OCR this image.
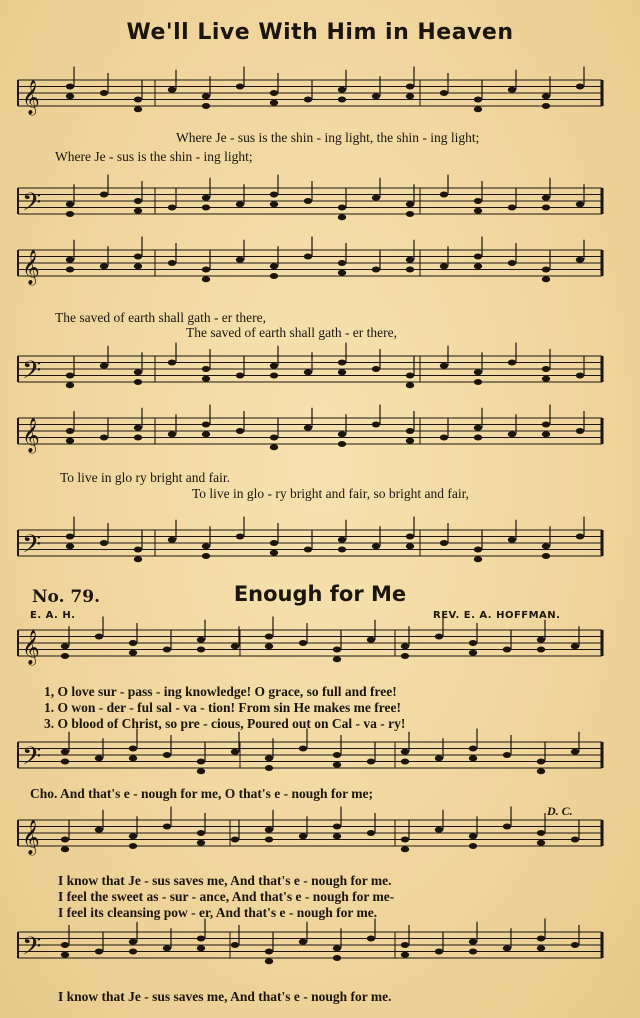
𝄞
𝄢
𝄞
𝄢
𝄞
𝄢
𝄞
𝄢
𝄞
𝄢
We'll Live With Him in Heaven
Where Je - sus is the shin - ing light, the shin - ing light;
Where Je - sus is the shin - ing light;
The saved of earth shall gath - er there,
The saved of earth shall gath - er there,
To live in glo ry bright and fair.
To live in glo - ry bright and fair, so bright and fair,
No. 79.	Enough for Me
E. A. H.	REV. E. A. HOFFMAN.
1, O love sur - pass - ing knowledge! O grace, so full and free!
1. O won - der - ful sal - va - tion! From sin He makes me free!
3. O blood of Christ, so pre - cious, Poured out on Cal - va - ry!
Cho. And that's e - nough for me, O that's e - nough for me;
D. C.
I know that Je - sus saves me, And that's e - nough for me.
I feel the sweet as - sur - ance, And that's e - nough for me-
I feel its cleansing pow - er, And that's e - nough for me.
I know that Je - sus saves me, And that's e - nough for me.
